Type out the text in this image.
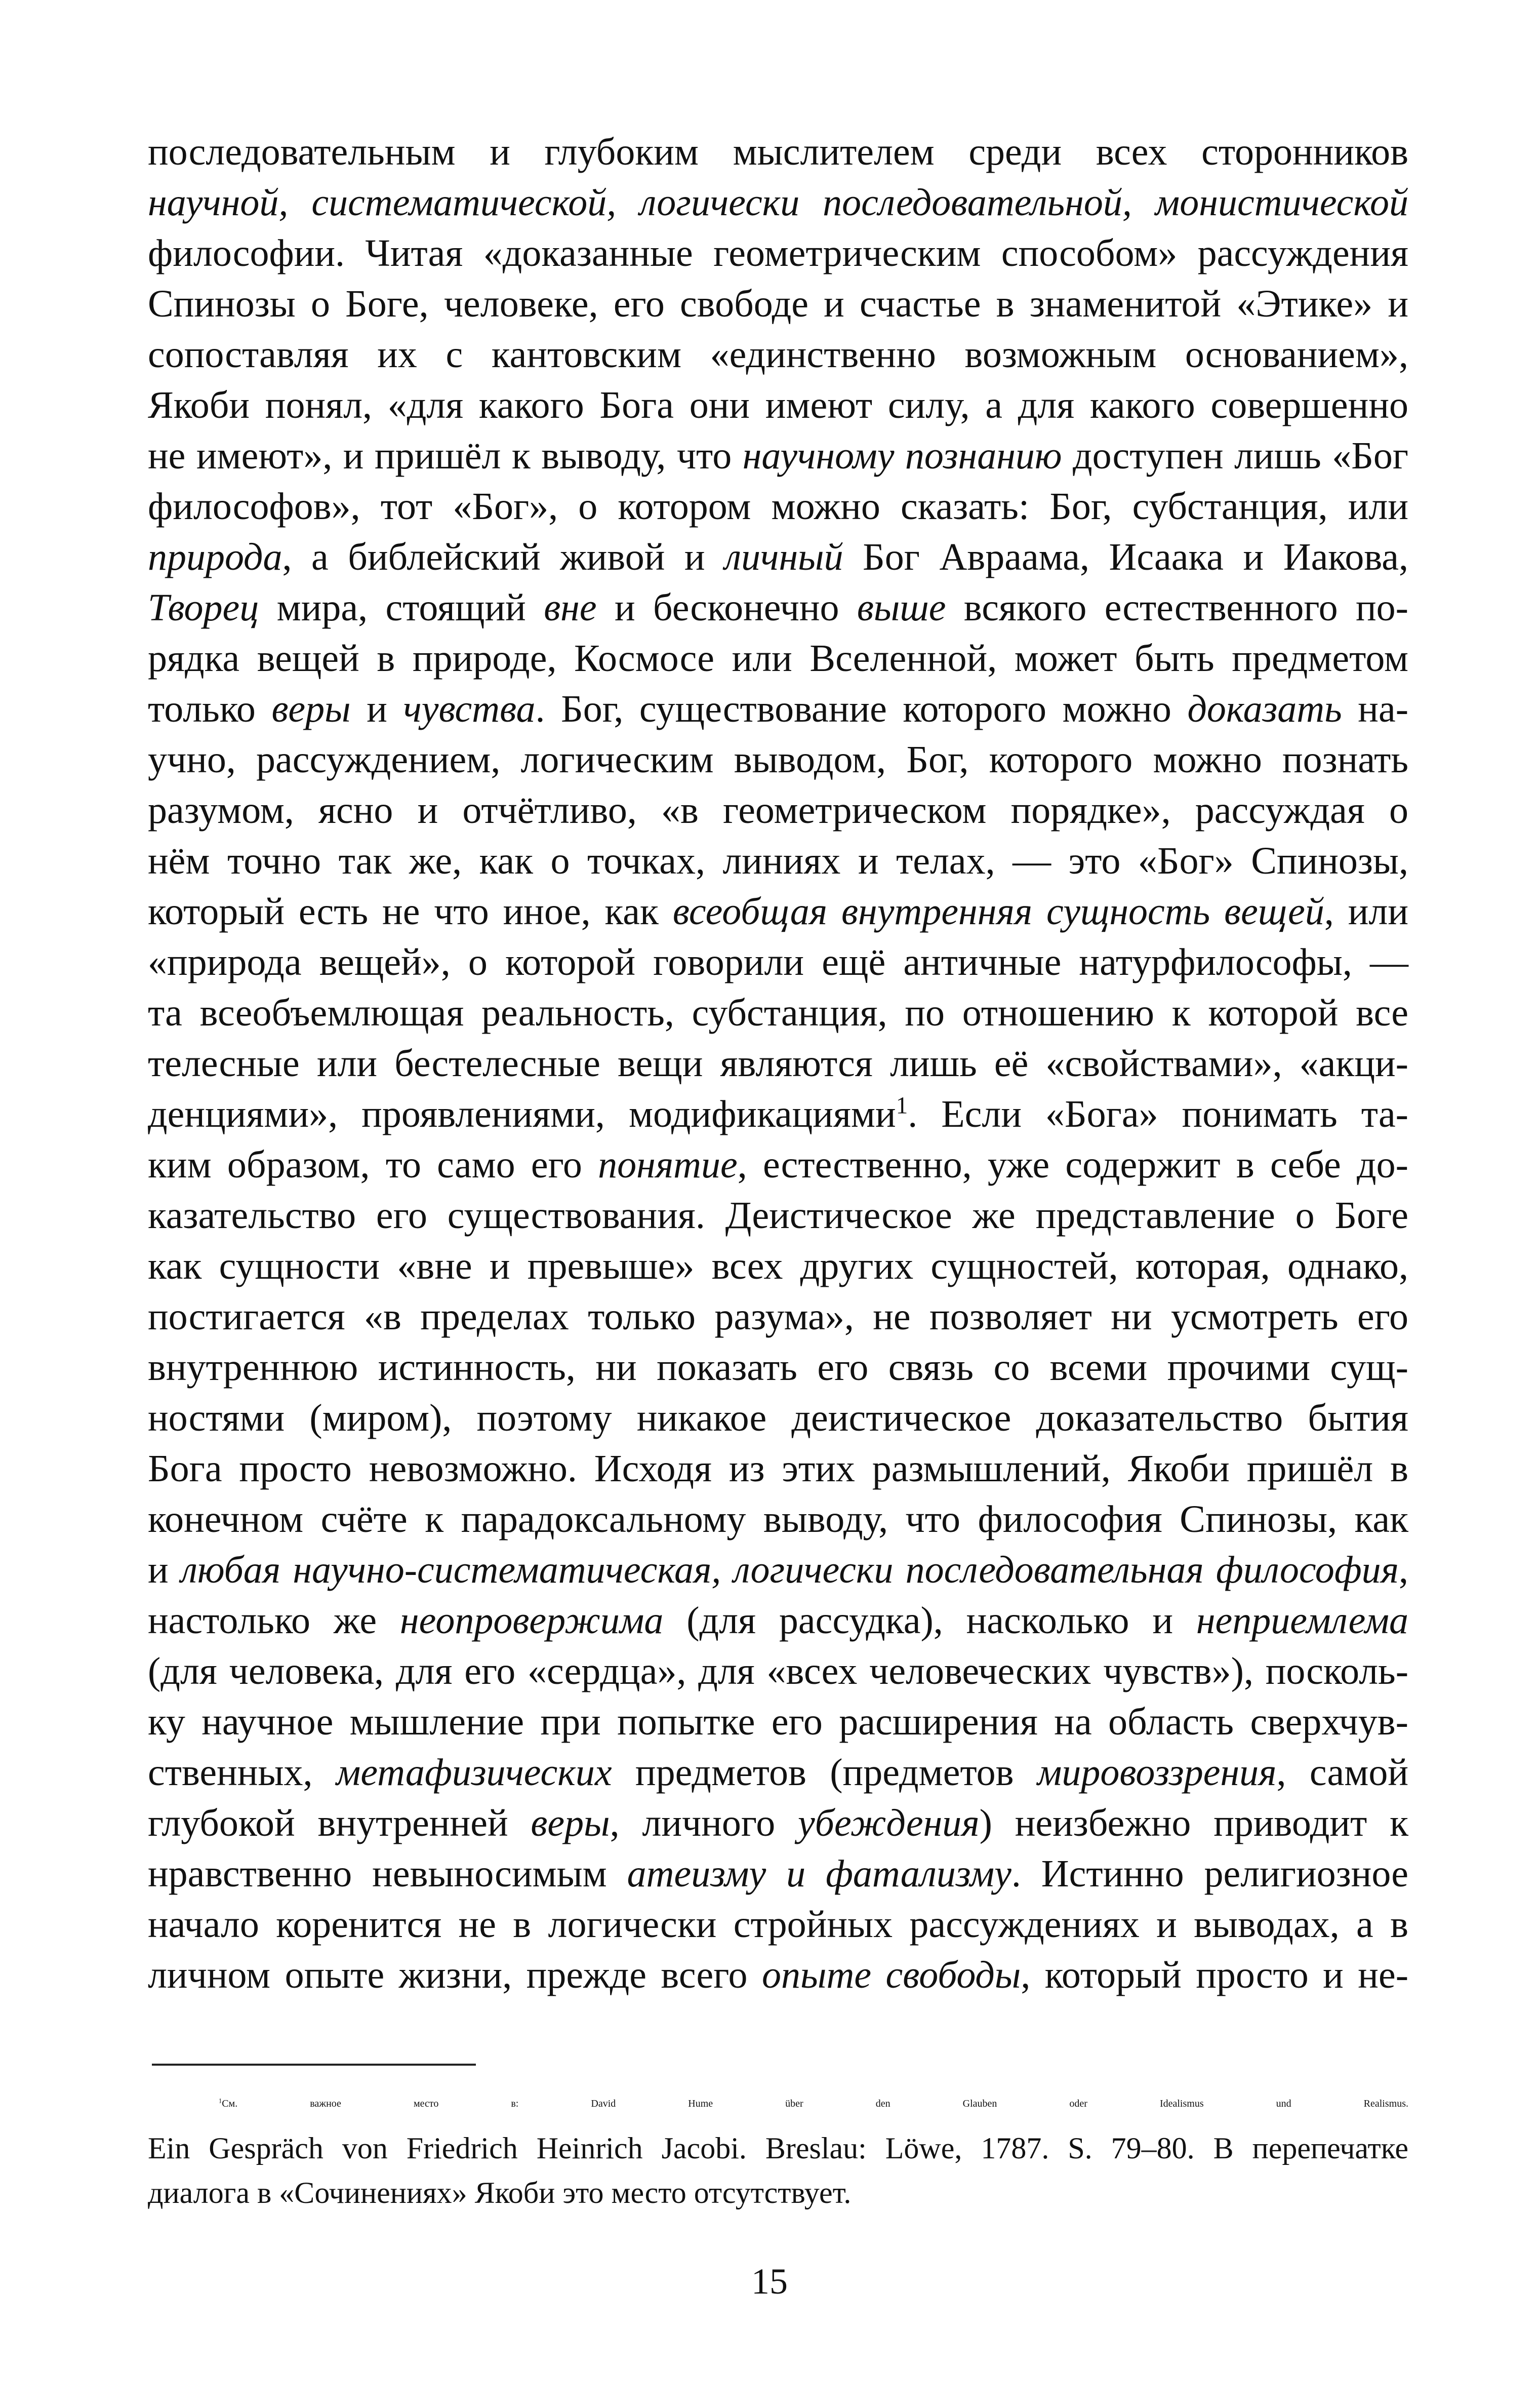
последовательным и глубоким мыслителем среди всех сторонников
научной, систематической, логически последовательной, монистической
философии. Читая «доказанные геометрическим способом» рассуждения
Спинозы о Боге, человеке, его свободе и счастье в знаменитой «Этике» и
сопоставляя их с кантовским «единственно возможным основанием»,
Якоби понял, «для какого Бога они имеют силу, а для какого совершенно
не имеют», и пришёл к выводу, что научному познанию доступен лишь «Бог
философов», тот «Бог», о котором можно сказать: Бог, субстанция, или
природа, а библейский живой и личный Бог Авраама, Исаака и Иакова,
Творец мира, стоящий вне и бесконечно выше всякого естественного по-
рядка вещей в природе, Космосе или Вселенной, может быть предметом
только веры и чувства. Бог, существование которого можно доказать на-
учно, рассуждением, логическим выводом, Бог, которого можно познать
разумом, ясно и отчётливо, «в геометрическом порядке», рассуждая о
нём точно так же, как о точках, линиях и телах, — это «Бог» Спинозы,
который есть не что иное, как всеобщая внутренняя сущность вещей, или
«природа вещей», о которой говорили ещё античные натурфилософы, —
та всеобъемлющая реальность, субстанция, по отношению к которой все
телесные или бестелесные вещи являются лишь её «свойствами», «акци-
денциями», проявлениями, модификациями$^1$. Если «Бога» понимать та-
ким образом, то само его понятие, естественно, уже содержит в себе до-
казательство его существования. Деистическое же представление о Боге
как сущности «вне и превыше» всех других сущностей, которая, однако,
постигается «в пределах только разума», не позволяет ни усмотреть его
внутреннюю истинность, ни показать его связь со всеми прочими сущ-
ностями (миром), поэтому никакое деистическое доказательство бытия
Бога просто невозможно. Исходя из этих размышлений, Якоби пришёл в
конечном счёте к парадоксальному выводу, что философия Спинозы, как
и любая научно-систематическая, логически последовательная философия,
настолько же неопровержима (для рассудка), насколько и неприемлема
(для человека, для его «сердца», для «всех человеческих чувств»), посколь-
ку научное мышление при попытке его расширения на область сверхчув-
ственных, метафизических предметов (предметов мировоззрения, самой
глубокой внутренней веры, личного убеждения) неизбежно приводит к
нравственно невыносимым атеизму и фатализму. Истинно религиозное
начало коренится не в логически стройных рассуждениях и выводах, а в
личном опыте жизни, прежде всего опыте свободы, который просто и не-
$^1$См. важное место в: David Hume über den Glauben oder Idealismus und Realismus.
Ein Gespräch von Friedrich Heinrich Jacobi. Breslau: Löwe, 1787. S. 79–80. В перепечатке
диалога в «Сочинениях» Якоби это место отсутствует.
15
